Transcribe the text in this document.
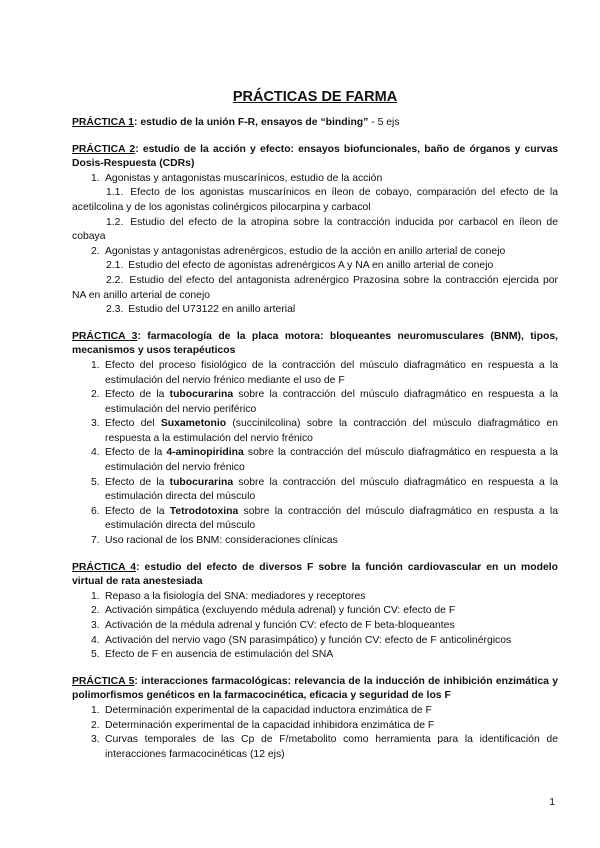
PRÁCTICAS DE FARMA

PRÁCTICA 1: estudio de la unión F-R, ensayos de “binding” - 5 ejs

PRÁCTICA 2: estudio de la acción y efecto: ensayos biofuncionales, baño de órganos y curvas Dosis-Respuesta (CDRs)

1. Agonistas y antagonistas muscarínicos, estudio de la acción
1.1. Efecto de los agonistas muscarínicos en íleon de cobayo, comparación del efecto de la acetilcolina y de los agonistas colinérgicos pilocarpina y carbacol
1.2. Estudio del efecto de la atropina sobre la contracción inducida por carbacol en íleon de cobaya
2. Agonistas y antagonistas adrenérgicos, estudio de la acción en anillo arterial de conejo
2.1. Estudio del efecto de agonistas adrenérgicos A y NA en anillo arterial de conejo
2.2. Estudio del efecto del antagonista adrenérgico Prazosina sobre la contracción ejercida por NA en anillo arterial de conejo
2.3. Estudio del U73122 en anillo arterial

PRÁCTICA 3: farmacología de la placa motora: bloqueantes neuromusculares (BNM), tipos, mecanismos y usos terapéuticos

1. Efecto del proceso fisiológico de la contracción del músculo diafragmático en respuesta a la estimulación del nervio frénico mediante el uso de F
2. Efecto de la tubocurarina sobre la contracción del músculo diafragmático en respuesta a la estimulación del nervio periférico
3. Efecto del Suxametonio (succinilcolina) sobre la contracción del músculo diafragmático en respuesta a la estimulación del nervio frénico
4. Efecto de la 4-aminopiridina sobre la contracción del músculo diafragmático en respuesta a la estimulación del nervio frénico
5. Efecto de la tubocurarina sobre la contracción del músculo diafragmático en respuesta a la estimulación directa del músculo
6. Efecto de la Tetrodotoxina sobre la contracción del músculo diafragmático en respusta a la estimulación directa del músculo
7. Uso racional de los BNM: consideraciones clínicas

PRÁCTICA 4: estudio del efecto de diversos F sobre la función cardiovascular en un modelo virtual de rata anestesiada

1. Repaso a la fisiología del SNA: mediadores y receptores
2. Activación simpática (excluyendo médula adrenal) y función CV: efecto de F
3. Activación de la médula adrenal y función CV: efecto de F beta-bloqueantes
4. Activación del nervio vago (SN parasimpático) y función CV: efecto de F anticolinérgicos
5. Efecto de F en ausencia de estimulación del SNA

PRÁCTICA 5: interacciones farmacológicas: relevancia de la inducción de inhibición enzimática y polimorfismos genéticos en la farmacocinética, eficacia y seguridad de los F

1. Determinación experimental de la capacidad inductora enzimática de F
2. Determinación experimental de la capacidad inhibidora enzimática de F
3. Curvas temporales de las Cp de F/metabolito como herramienta para la identificación de interacciones farmacocinéticas (12 ejs)
1
